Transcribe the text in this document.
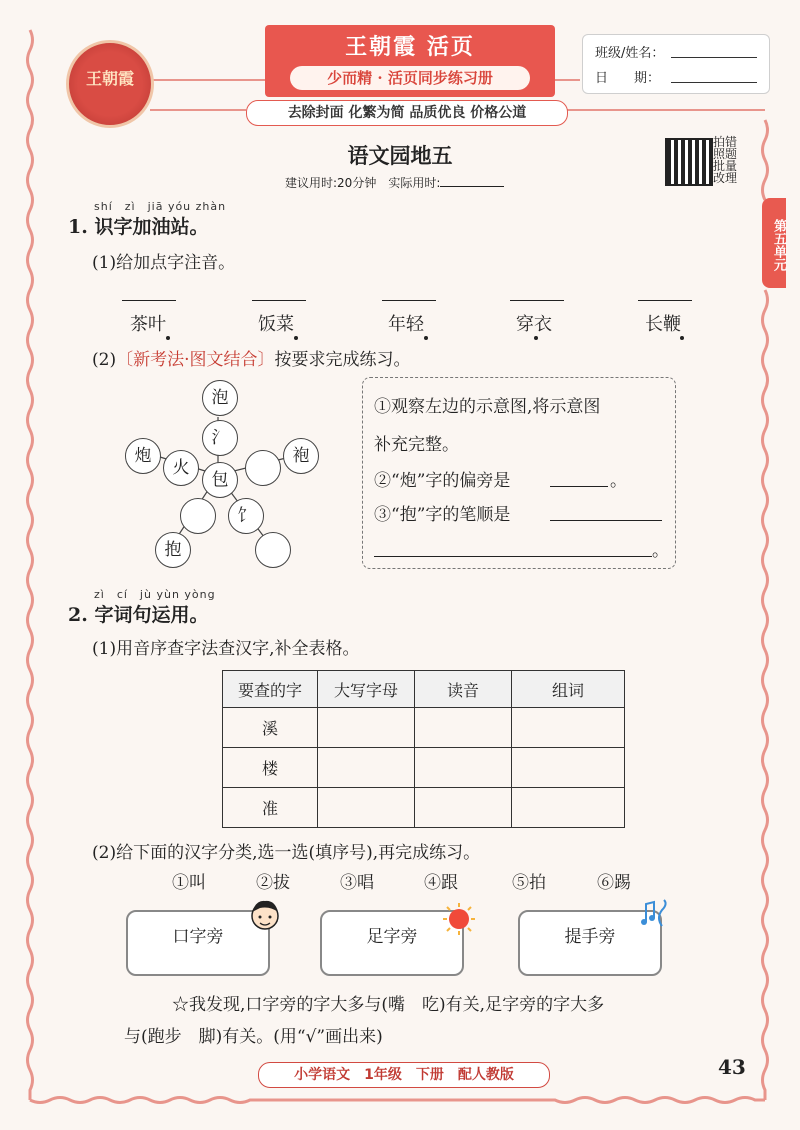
王朝霞
王朝霞 活页
少而精 · 活页同步练习册
去除封面 化繁为简 品质优良 价格公道
班级/姓名：
日　　期：
语文园地五
建议用时:20分钟　实际用时:
拍错照题批量改理
第五单元
shí　zì　jiā yóu zhàn
1. 识字加油站。
(1)给加点字注音。
茶叶	饭菜	年轻	穿衣	长鞭
(2)〔新考法·图文结合〕按要求完成练习。
泡
氵
炮
火
包
袍
饣
抱
①观察左边的示意图,将示意图
补充完整。
②“炮”字的偏旁是	。
③“抱”字的笔顺是
。
zì　cí　jù yùn yòng
2. 字词句运用。
(1)用音序查字法查汉字,补全表格。
要查的字	大写字母	读音	组词
溪			
楼			
准			
(2)给下面的汉字分类,选一选(填序号),再完成练习。
①叫	②拔	③唱	④跟	⑤拍	⑥踢
口字旁	足字旁	提手旁
☆我发现,口字旁的字大多与(嘴　吃)有关,足字旁的字大多
与(跑步　脚)有关。(用“√”画出来)
小学语文　1年级　下册　配人教版	43
